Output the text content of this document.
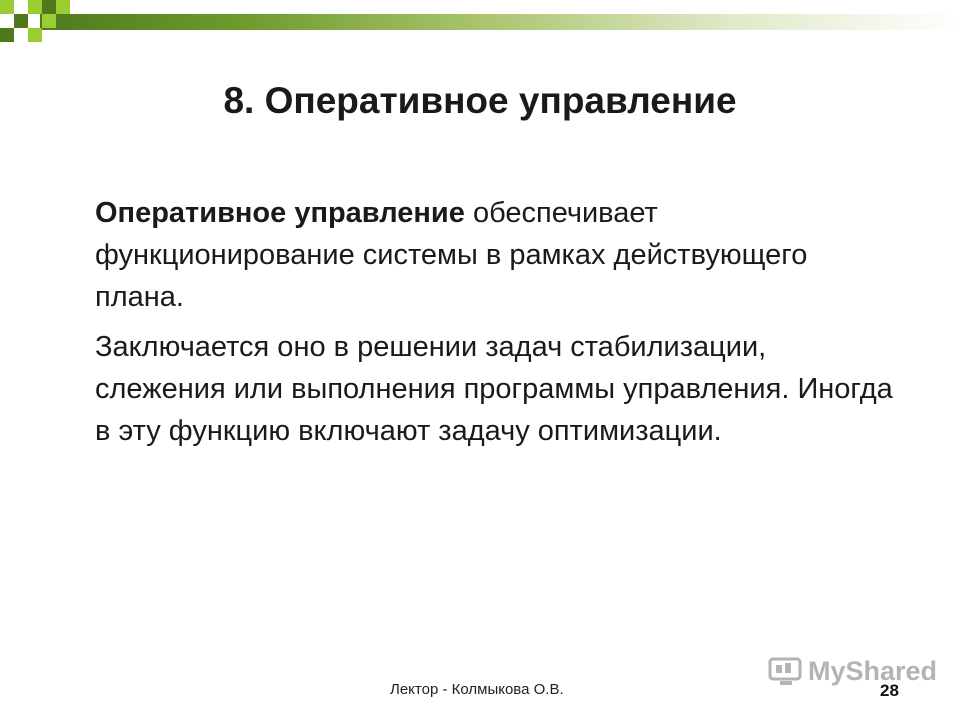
8. Оперативное управление

Оперативное управление обеспечивает функционирование системы в рамках действующего плана.

Заключается оно в решении задач стабилизации, слежения или выполнения программы управления. Иногда в эту функцию включают задачу оптимизации.

Лектор - Колмыкова О.В.	28
MyShared
